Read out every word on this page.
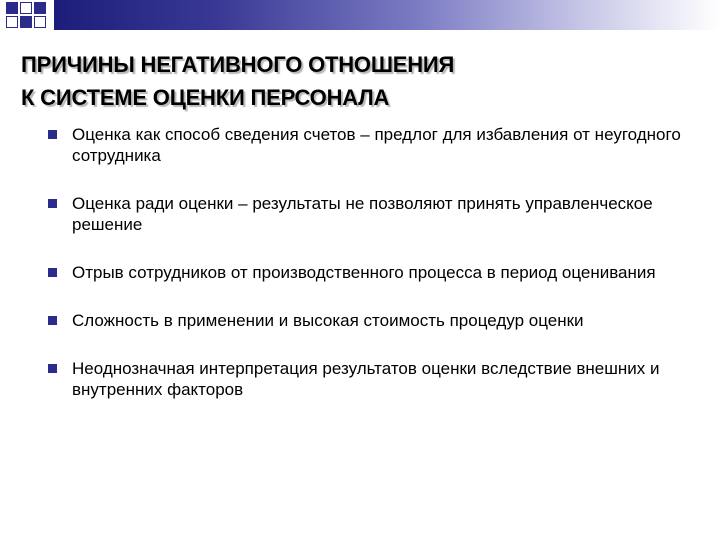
ПРИЧИНЫ НЕГАТИВНОГО ОТНОШЕНИЯ
К СИСТЕМЕ ОЦЕНКИ ПЕРСОНАЛА
Оценка как способ сведения счетов – предлог для избавления от неугодного сотрудника
Оценка ради оценки – результаты не позволяют принять управленческое решение
Отрыв сотрудников от производственного процесса в период оценивания
Сложность в применении и высокая стоимость процедур оценки
Неоднозначная интерпретация результатов оценки вследствие внешних и внутренних факторов
